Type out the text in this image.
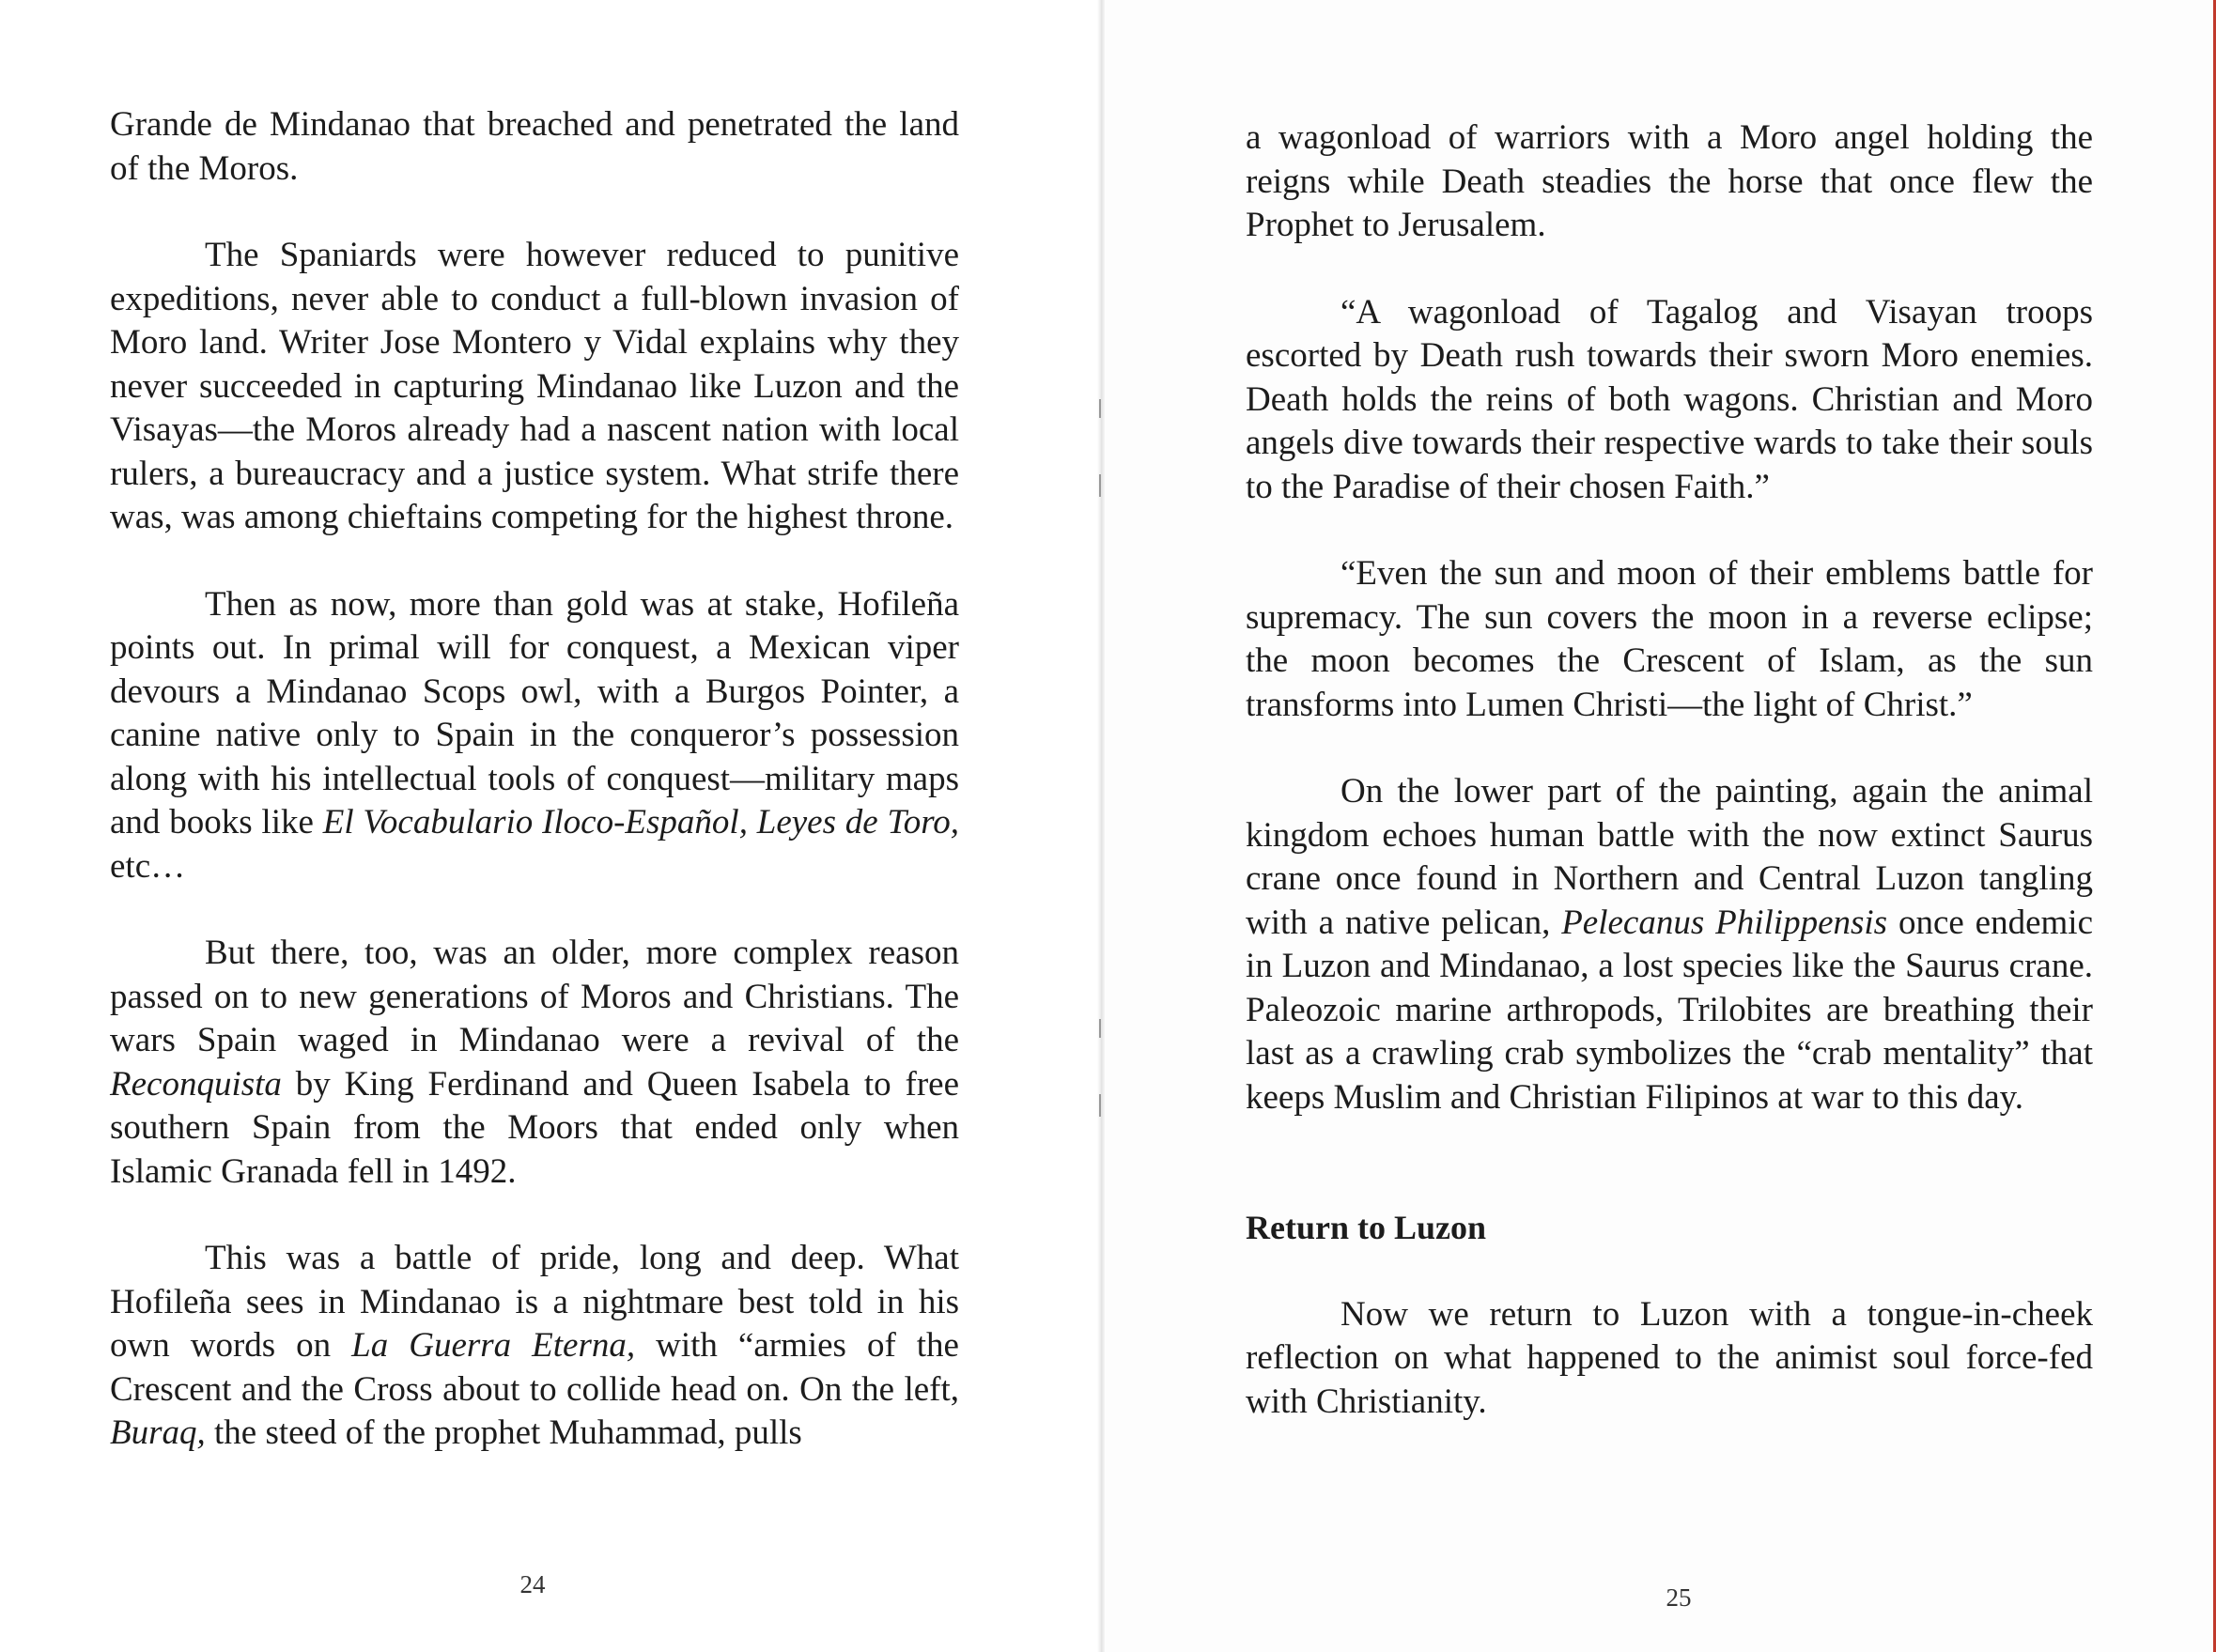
Grande de Mindanao that breached and penetrated the land of the Moros.

The Spaniards were however reduced to punitive expeditions, never able to conduct a full-blown invasion of Moro land. Writer Jose Montero y Vidal explains why they never succeeded in capturing Mindanao like Luzon and the Visayas—the Moros already had a nascent nation with local rulers, a bureaucracy and a justice system. What strife there was, was among chieftains competing for the highest throne.

Then as now, more than gold was at stake, Hofileña points out. In primal will for conquest, a Mexican viper devours a Mindanao Scops owl, with a Burgos Pointer, a canine native only to Spain in the conqueror’s possession along with his intellectual tools of conquest—military maps and books like El Vocabulario Iloco-Español, Leyes de Toro, etc…

But there, too, was an older, more complex reason passed on to new generations of Moros and Christians. The wars Spain waged in Mindanao were a revival of the Reconquista by King Ferdinand and Queen Isabela to free southern Spain from the Moors that ended only when Islamic Granada fell in 1492.

This was a battle of pride, long and deep. What Hofileña sees in Mindanao is a nightmare best told in his own words on La Guerra Eterna, with “armies of the Crescent and the Cross about to collide head on. On the left, Buraq, the steed of the prophet Muhammad, pulls

24

a wagonload of warriors with a Moro angel holding the reigns while Death steadies the horse that once flew the Prophet to Jerusalem.

“A wagonload of Tagalog and Visayan troops escorted by Death rush towards their sworn Moro enemies. Death holds the reins of both wagons. Christian and Moro angels dive towards their respective wards to take their souls to the Paradise of their chosen Faith.”

“Even the sun and moon of their emblems battle for supremacy. The sun covers the moon in a reverse eclipse; the moon becomes the Crescent of Islam, as the sun transforms into Lumen Christi—the light of Christ.”

On the lower part of the painting, again the animal kingdom echoes human battle with the now extinct Saurus crane once found in Northern and Central Luzon tangling with a native pelican, Pelecanus Philippensis once endemic in Luzon and Mindanao, a lost species like the Saurus crane. Paleozoic marine arthropods, Trilobites are breathing their last as a crawling crab symbolizes the “crab mentality” that keeps Muslim and Christian Filipinos at war to this day.

Return to Luzon

Now we return to Luzon with a tongue-in-cheek reflection on what happened to the animist soul force-fed with Christianity.

25
